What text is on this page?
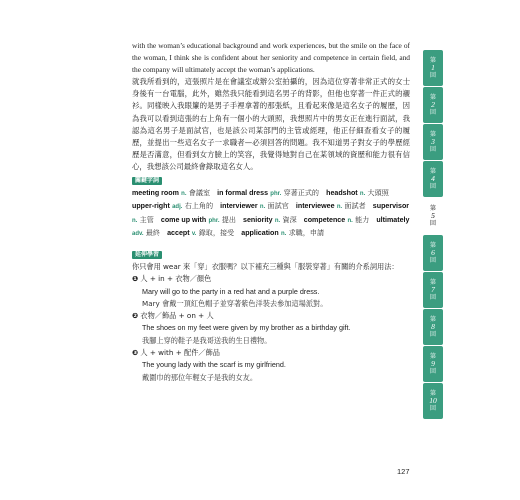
with the woman’s educational background and work experiences, but the smile on the face of the woman, I think she is confident about her seniority and competence in certain field, and the company will ultimately accept the woman’s applications.

就我所看到的，這張照片是在會議室或辦公室拍攝的，因為這位穿著非常正式的女士身後有一台電腦，此外，雖然我只能看到這名男子的背影，但他也穿著一件正式的襯衫。同樣映入我眼簾的是男子手裡拿著的那張紙，且看起來像是這名女子的履歷，因為我可以看到這張的右上角有一個小的大頭照，我想照片中的男女正在進行面試，我認為這名男子是面試官，也是該公司某部門的主管或經理，他正仔細查看女子的履歷，並提出一些這名女子一求職者—必須回答的問題。我不知道男子對女子的學歷經歷是否滿意，但看到女方臉上的笑容，我覺得她對自己在某領域的資歷和能力很有信心，我想該公司最終會錄取這名女人。

關鍵字詞
meeting room n. 會議室  in formal dress phr. 穿著正式的  headshot n. 大頭照 upper-right adj. 右上角的  interviewer n. 面試官  interviewee n. 面試者  supervisor n. 主管  come up with phr. 提出  seniority n. 資深  competence n. 能力  ultimately adv. 最終  accept v. 錄取，接受  application n. 求職，申請 
延伸學習
你只會用 wear 來「穿」衣服嗎？以下補充三種與「服裝穿著」有關的介系詞用法：
❶ 人 + in + 衣物／顏色
Mary will go to the party in a red hat and a purple dress.
Mary 會戴一頂紅色帽子並穿著紫色洋裝去參加這場派對。
❷ 衣物／飾品 + on + 人
The shoes on my feet were given by my brother as a birthday gift.
我腳上穿的鞋子是我哥送我的生日禮物。
❸ 人 + with + 配件／飾品
The young lady with the scarf is my girlfriend.
戴圍巾的那位年輕女子是我的女友。
127
第
1
回
第
2
回
第
3
回
第
4
回
第
5
回
第
6
回
第
7
回
第
8
回
第
9
回
第
10
回
